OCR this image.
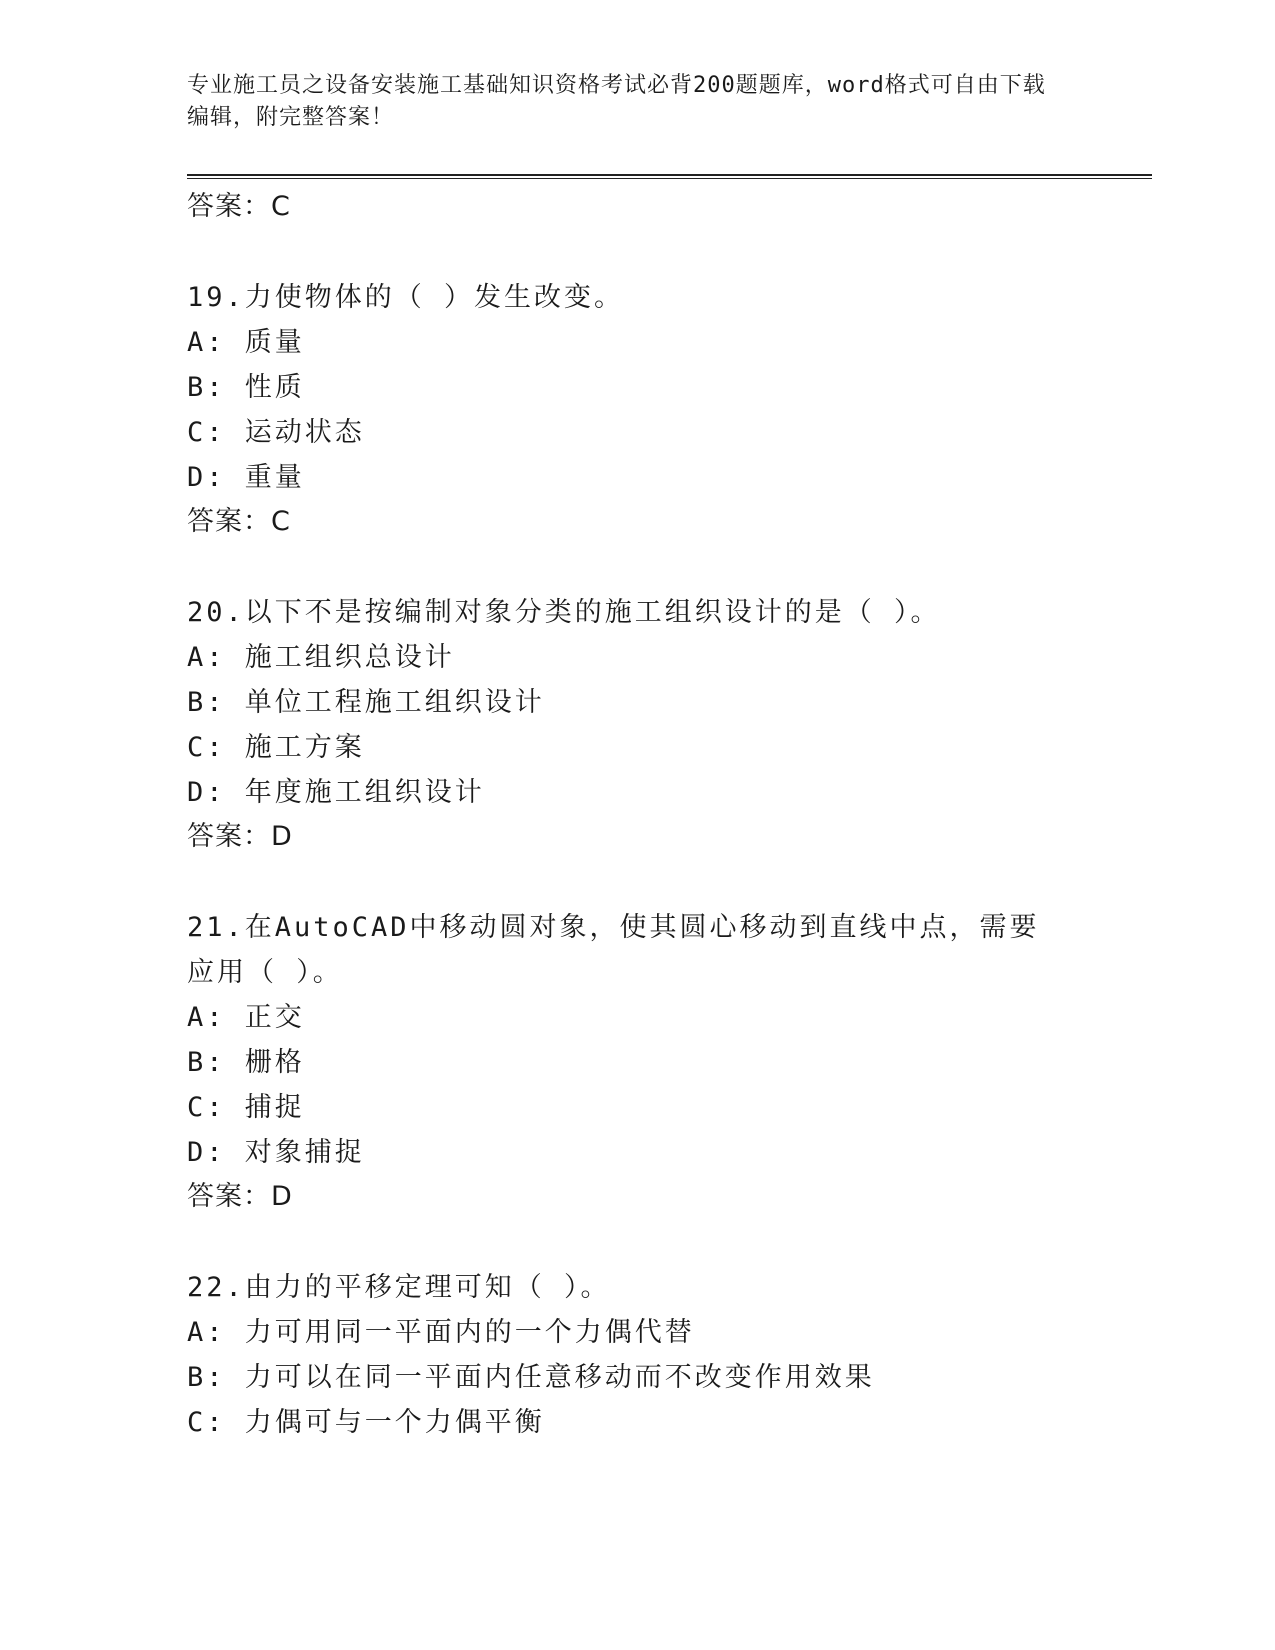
专业施工员之设备安装施工基础知识资格考试必背200题题库，word格式可自由下载编辑，附完整答案！

答案：C

19.力使物体的（ ）发生改变。

A: 质量

B: 性质

C: 运动状态

D: 重量

答案：C

20.以下不是按编制对象分类的施工组织设计的是（ ）。

A: 施工组织总设计

B: 单位工程施工组织设计

C: 施工方案

D: 年度施工组织设计

答案：D

21.在AutoCAD中移动圆对象，使其圆心移动到直线中点，需要应用（ ）。

A: 正交

B: 栅格

C: 捕捉

D: 对象捕捉

答案：D

22.由力的平移定理可知（ ）。

A: 力可用同一平面内的一个力偶代替

B: 力可以在同一平面内任意移动而不改变作用效果

C: 力偶可与一个力偶平衡
